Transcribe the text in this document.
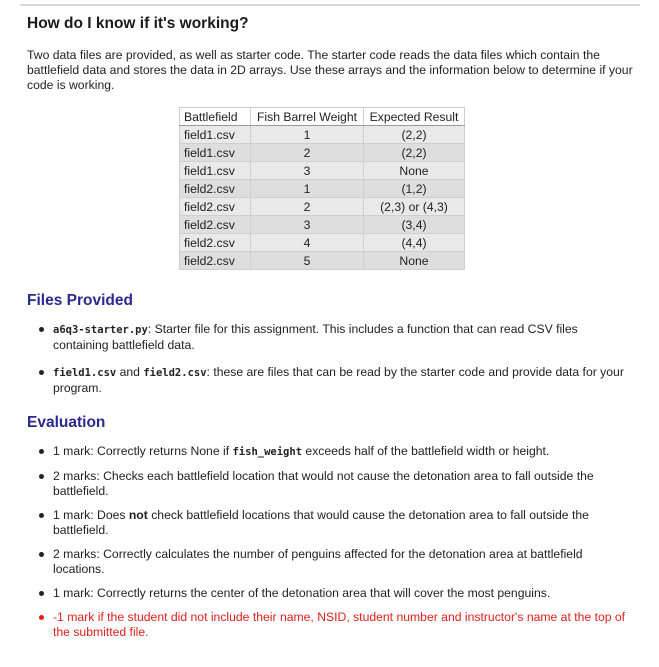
How do I know if it's working?

Two data files are provided, as well as starter code. The starter code reads the data files which contain the battlefield data and stores the data in 2D arrays. Use these arrays and the information below to determine if your code is working.

Battlefield	Fish Barrel Weight	Expected Result
field1.csv	1	(2,2)
field1.csv	2	(2,2)
field1.csv	3	None
field2.csv	1	(1,2)
field2.csv	2	(2,3) or (4,3)
field2.csv	3	(3,4)
field2.csv	4	(4,4)
field2.csv	5	None
Files Provided
a6q3-starter.py: Starter file for this assignment. This includes a function that can read CSV files containing battlefield data.
field1.csv and field2.csv: these are files that can be read by the starter code and provide data for your program.
Evaluation
1 mark: Correctly returns None if fish_weight exceeds half of the battlefield width or height.
2 marks: Checks each battlefield location that would not cause the detonation area to fall outside the battlefield.
1 mark: Does not check battlefield locations that would cause the detonation area to fall outside the battlefield.
2 marks: Correctly calculates the number of penguins affected for the detonation area at battlefield locations.
1 mark: Correctly returns the center of the detonation area that will cover the most penguins.
-1 mark if the student did not include their name, NSID, student number and instructor's name at the top of the submitted file.
